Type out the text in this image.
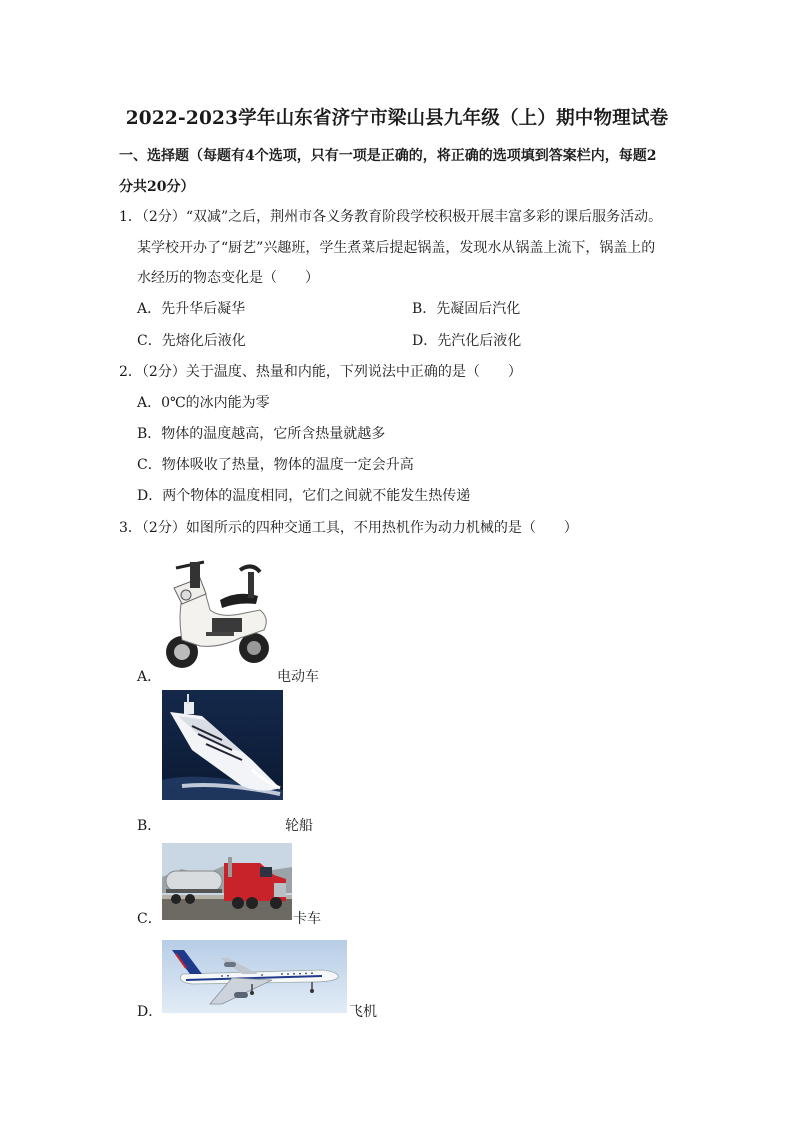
2022-2023学年山东省济宁市梁山县九年级（上）期中物理试卷
一、选择题（每题有4个选项，只有一项是正确的，将正确的选项填到答案栏内，每题2
分共20分）
1．（2分）“双减”之后，荆州市各义务教育阶段学校积极开展丰富多彩的课后服务活动。
某学校开办了“厨艺”兴趣班，学生煮菜后提起锅盖，发现水从锅盖上流下，锅盖上的
水经历的物态变化是（　　）
A．先升华后凝华	B．先凝固后汽化
C．先熔化后液化	D．先汽化后液化
2．（2分）关于温度、热量和内能，下列说法中正确的是（　　）
A．0℃的冰内能为零
B．物体的温度越高，它所含热量就越多
C．物体吸收了热量，物体的温度一定会升高
D．两个物体的温度相同，它们之间就不能发生热传递
3．（2分）如图所示的四种交通工具，不用热机作为动力机械的是（　　）
A．	电动车
B．	轮船
C．	卡车
D．	飞机
